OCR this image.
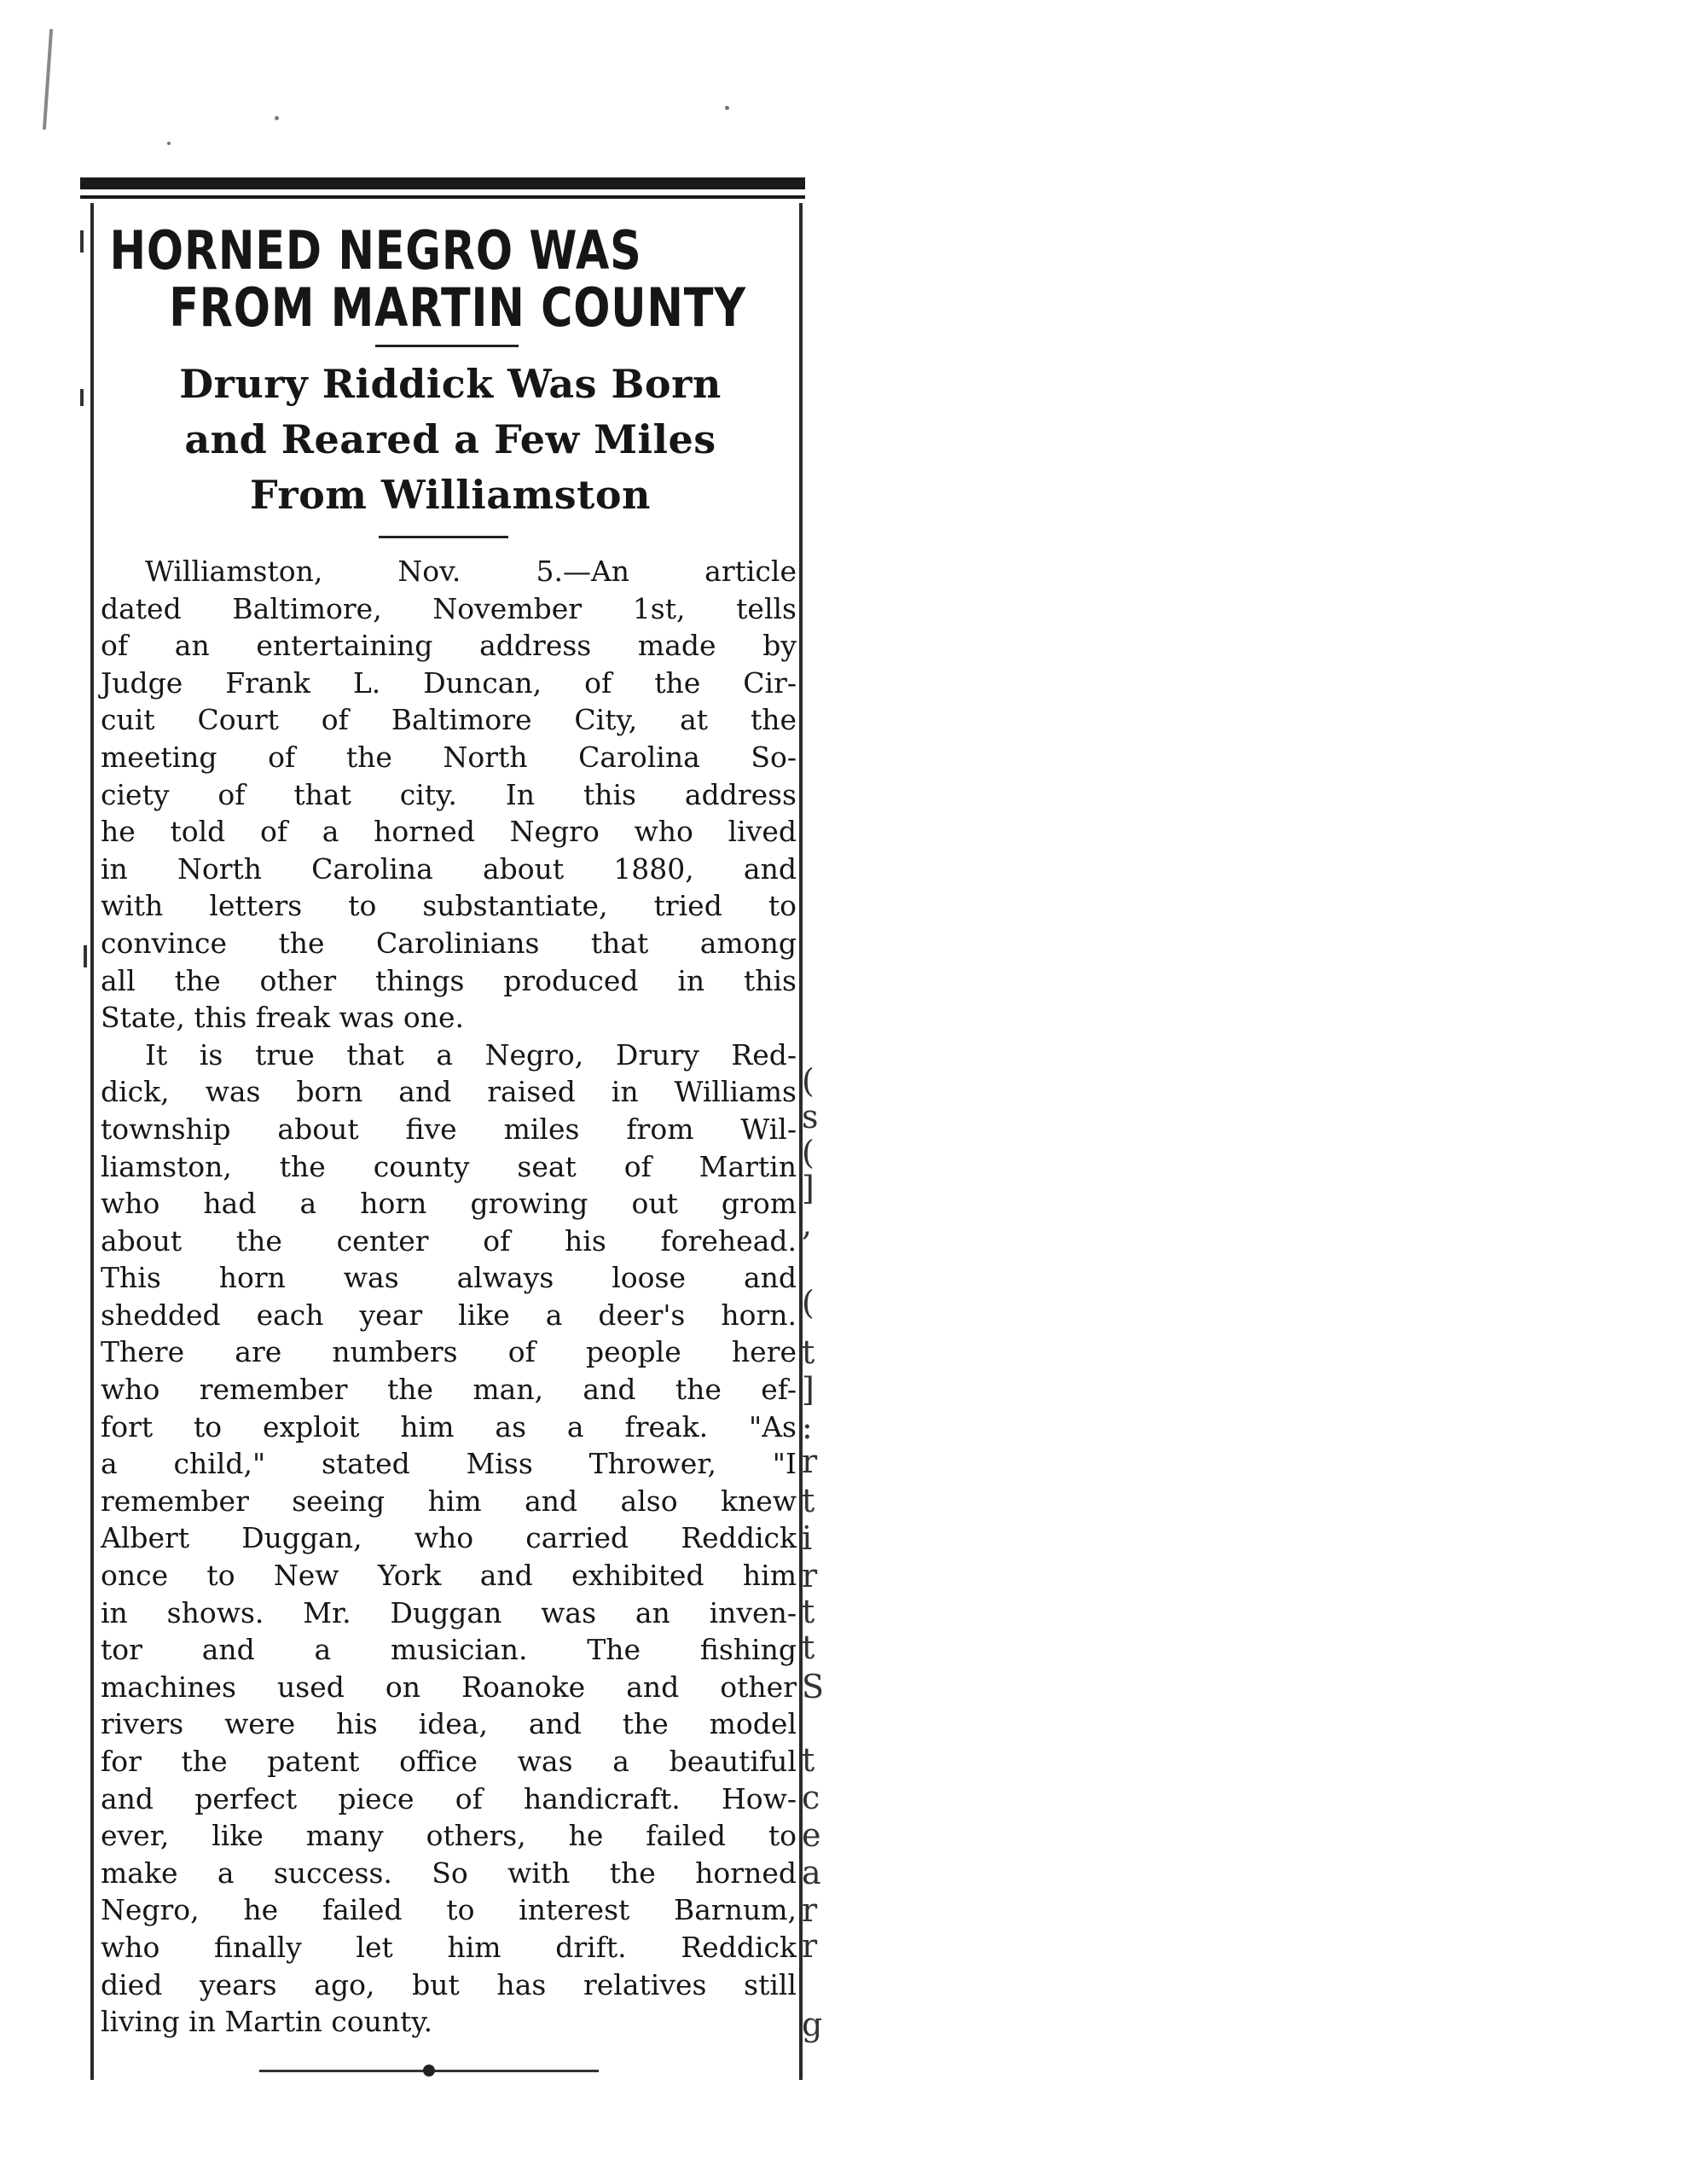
(
s
(
]
,
(
t
]
:
r
t
i
r
t
t
S
t
c
e
a
r
r
g
HORNED NEGRO WAS
FROM MARTIN COUNTY
Drury Riddick Was Born
and Reared a Few Miles
From Williamston
Williamston, Nov. 5.—An article
dated Baltimore, November 1st, tells
of an entertaining address made by
Judge Frank L. Duncan, of the Cir-
cuit Court of Baltimore City, at the
meeting of the North Carolina So-
ciety of that city. In this address
he told of a horned Negro who lived
in North Carolina about 1880, and
with letters to substantiate, tried to
convince the Carolinians that among
all the other things produced in this
State, this freak was one.
It is true that a Negro, Drury Red-
dick, was born and raised in Williams
township about five miles from Wil-
liamston, the county seat of Martin
who had a horn growing out grom
about the center of his forehead.
This horn was always loose and
shedded each year like a deer's horn.
There are numbers of people here
who remember the man, and the ef-
fort to exploit him as a freak. "As
a child," stated Miss Thrower, "I
remember seeing him and also knew
Albert Duggan, who carried Reddick
once to New York and exhibited him
in shows. Mr. Duggan was an inven-
tor and a musician. The fishing
machines used on Roanoke and other
rivers were his idea, and the model
for the patent office was a beautiful
and perfect piece of handicraft. How-
ever, like many others, he failed to
make a success. So with the horned
Negro, he failed to interest Barnum,
who finally let him drift. Reddick
died years ago, but has relatives still
living in Martin county.
